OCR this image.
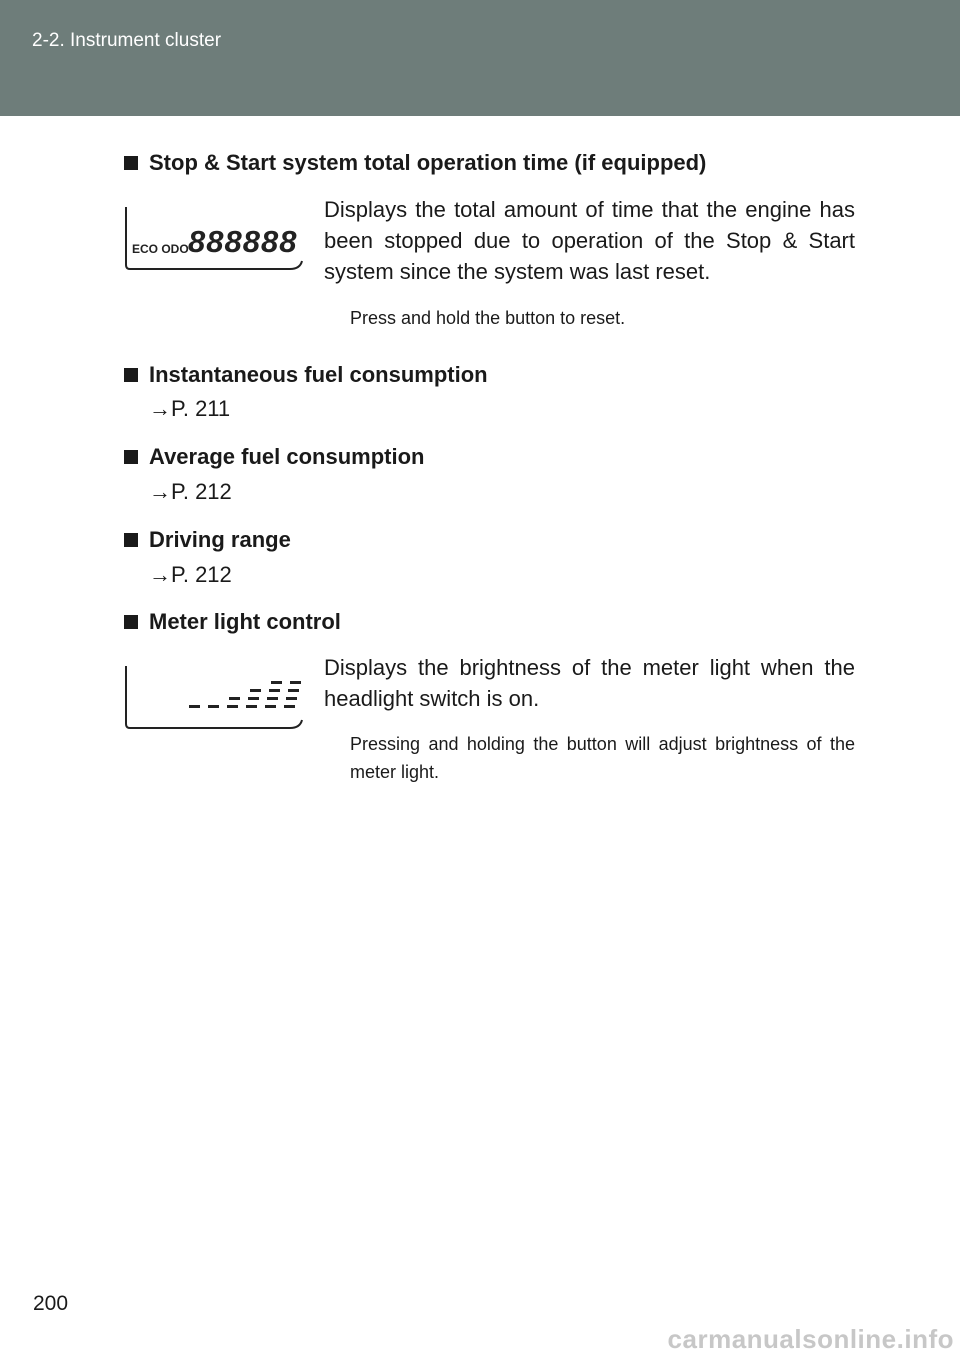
2-2. Instrument cluster
Stop & Start system total operation time (if equipped)
ECO ODO 888888
Displays the total amount of time that the engine has been stopped due to operation of the Stop & Start system since the system was last reset.
Press and hold the button to reset.
Instantaneous fuel consumption
→P. 211
Average fuel consumption
→P. 212
Driving range
→P. 212
Meter light control
Displays the brightness of the meter light when the headlight switch is on.
Pressing and holding the button will adjust brightness of the meter light.
200
carmanualsonline.info
